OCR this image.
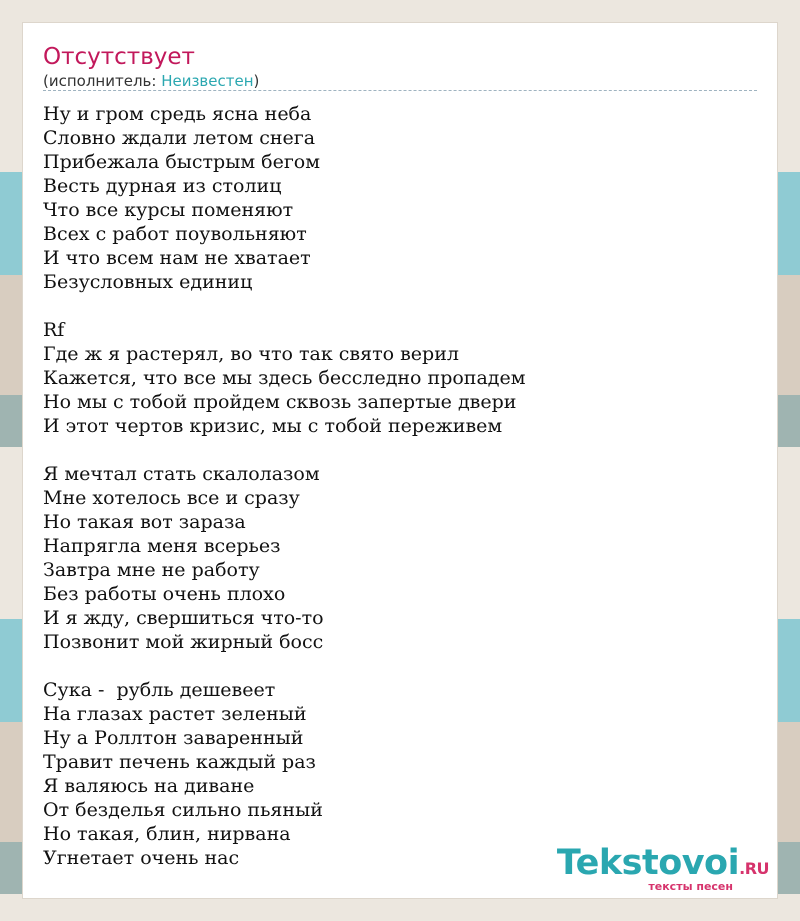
Отсутствует
(исполнитель: Неизвестен)
Ну и гром средь ясна неба
Словно ждали летом снега
Прибежала быстрым бегом
Весть дурная из столиц
Что все курсы поменяют
Всех с работ поувольняют
И что всем нам не хватает
Безусловных единиц
Rf
Где ж я растерял, во что так свято верил
Кажется, что все мы здесь бесследно пропадем
Но мы с тобой пройдем сквозь запертые двери
И этот чертов кризис, мы с тобой переживем
Я мечтал стать скалолазом
Мне хотелось все и сразу
Но такая вот зараза
Напрягла меня всерьез
Завтра мне не работу
Без работы очень плохо
И я жду, свершиться что-то
Позвонит мой жирный босс
Сука -  рубль дешевеет
На глазах растет зеленый
Ну а Роллтон заваренный
Травит печень каждый раз
Я валяюсь на диване
От безделья сильно пьяный
Но такая, блин, нирвана
Угнетает очень нас	Tekstovoi.RU
тексты песен
